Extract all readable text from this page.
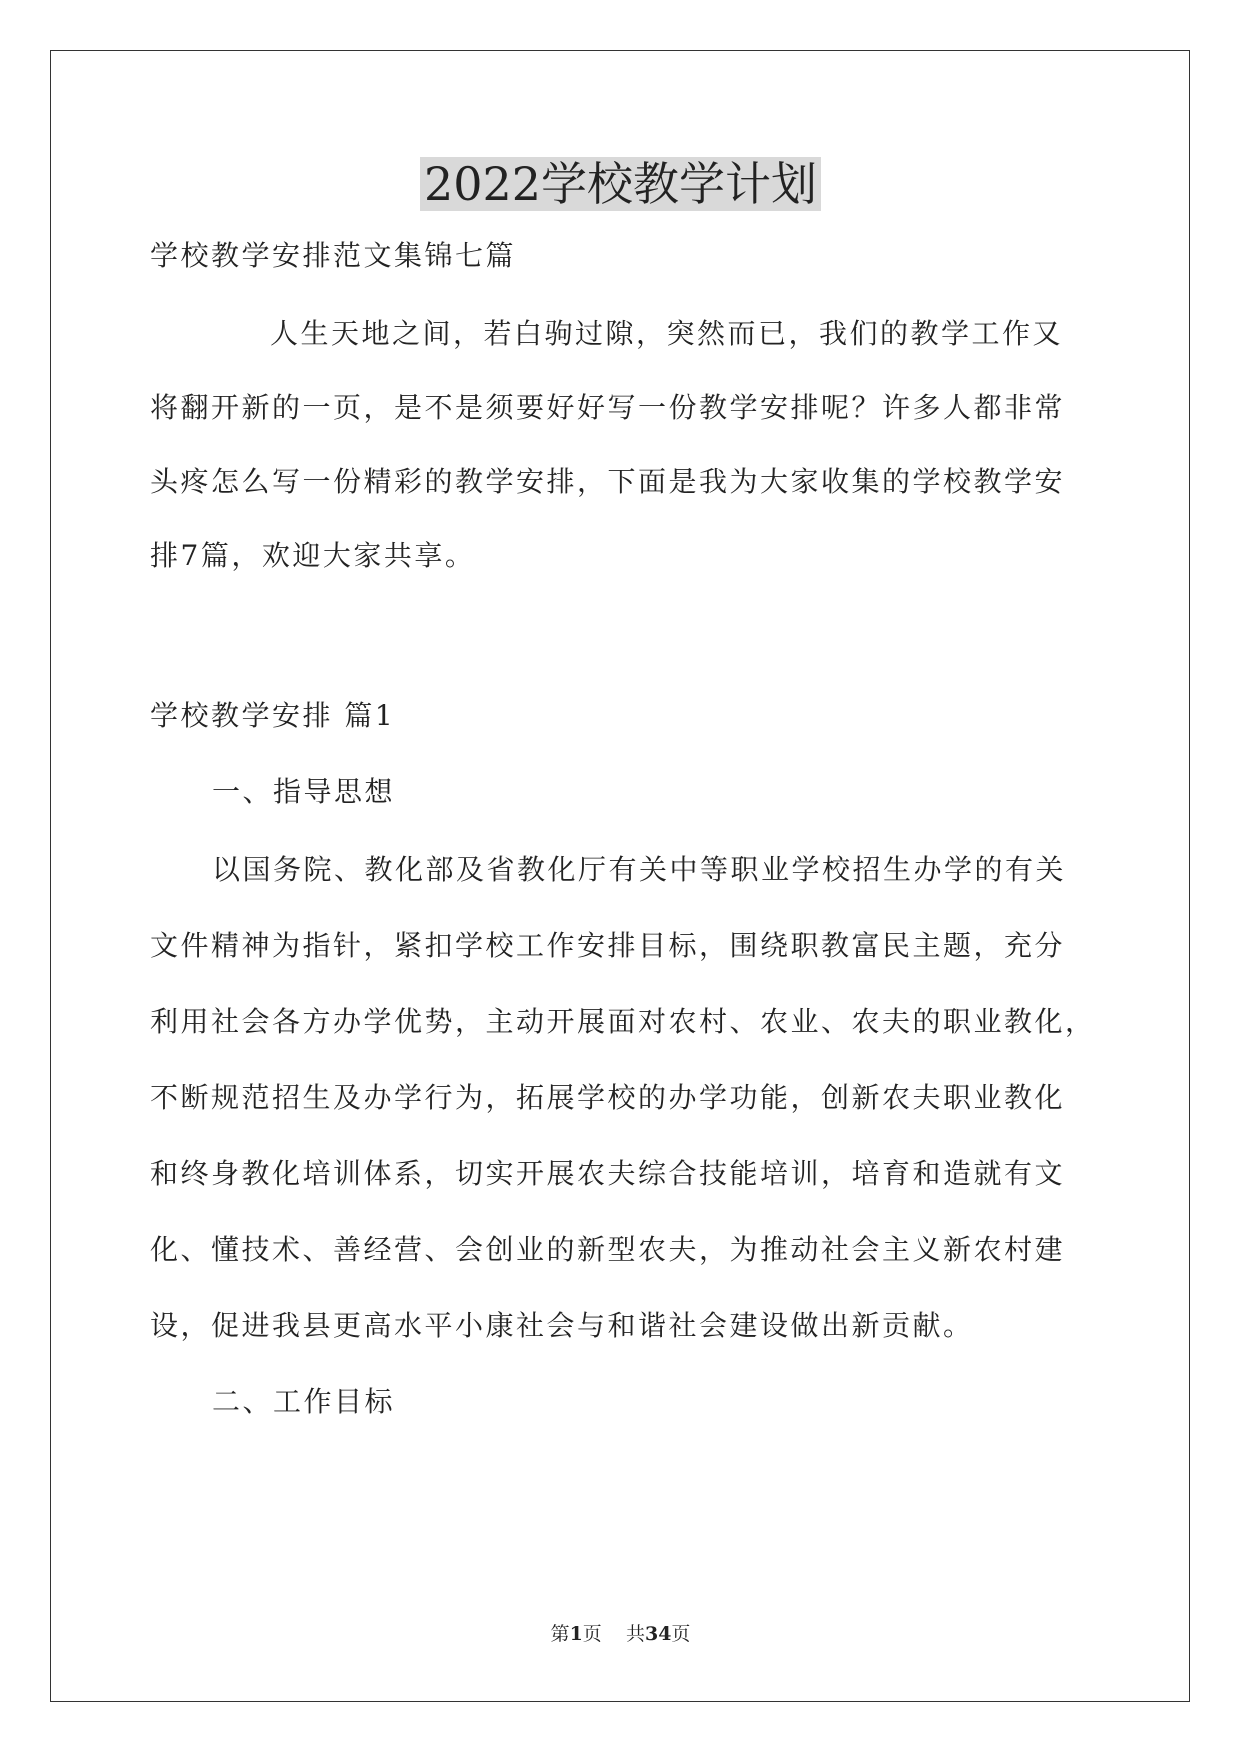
2022学校教学计划
学校教学安排范文集锦七篇
人生天地之间，若白驹过隙，突然而已，我们的教学工作又
将翻开新的一页，是不是须要好好写一份教学安排呢？许多人都非常
头疼怎么写一份精彩的教学安排，下面是我为大家收集的学校教学安
排7篇，欢迎大家共享。
学校教学安排 篇1
一、指导思想
以国务院、教化部及省教化厅有关中等职业学校招生办学的有关
文件精神为指针，紧扣学校工作安排目标，围绕职教富民主题，充分
利用社会各方办学优势，主动开展面对农村、农业、农夫的职业教化，
不断规范招生及办学行为，拓展学校的办学功能，创新农夫职业教化
和终身教化培训体系，切实开展农夫综合技能培训，培育和造就有文
化、懂技术、善经营、会创业的新型农夫，为推动社会主义新农村建
设，促进我县更高水平小康社会与和谐社会建设做出新贡献。
二、工作目标
第1页    共34页
